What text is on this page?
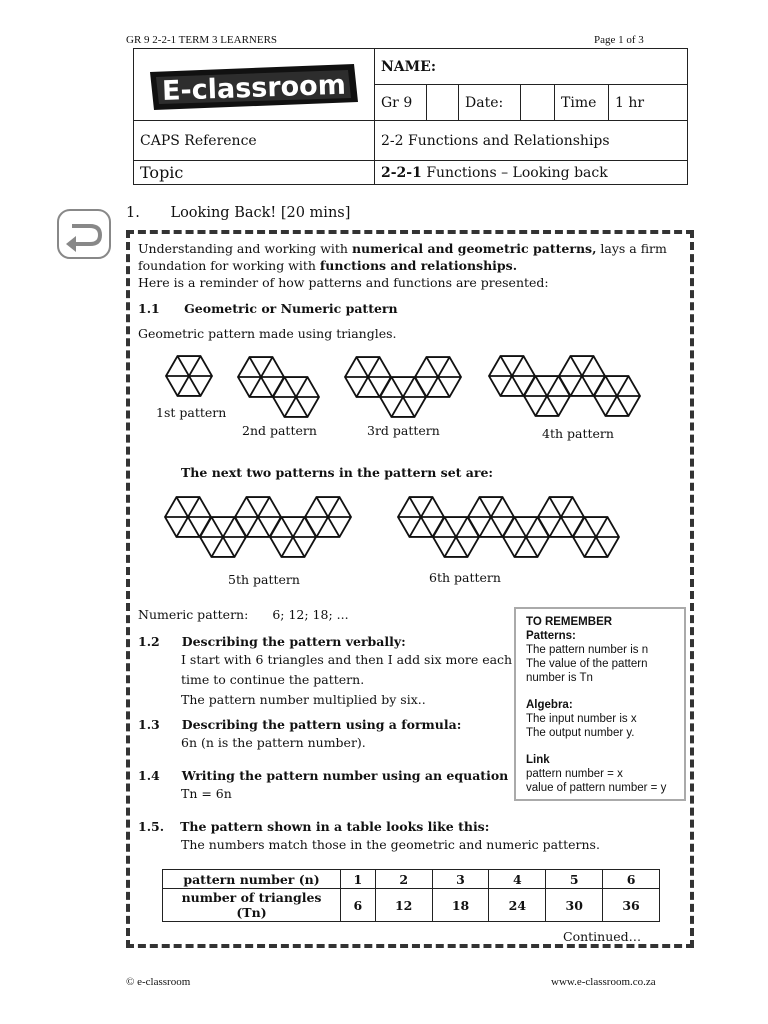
GR 9 2-2-1 TERM 3 LEARNERS	Page 1 of 3
	NAME:					
	Gr 9		Date:		Time	1 hr
CAPS Reference	2-2 Functions and Relationships					
Topic	2-2-1 Functions – Looking back					
E-classroom
1. Looking Back! [20 mins]
Understanding and working with numerical and geometric patterns, lays a firm
foundation for working with functions and relationships.
Here is a reminder of how patterns and functions are presented:
1.1 Geometric or Numeric pattern
Geometric pattern made using triangles.
1st pattern
2nd pattern	3rd pattern	4th pattern
The next two patterns in the pattern set are:
5th pattern	6th pattern
Numeric pattern: 6; 12; 18; ...
1.2 Describing the pattern verbally:
I start with 6 triangles and then I add six more each
time to continue the pattern.
The pattern number multiplied by six..
1.3 Describing the pattern using a formula:
6n (n is the pattern number).
1.4 Writing the pattern number using an equation
Tn = 6n
1.5. The pattern shown in a table looks like this:
The numbers match those in the geometric and numeric patterns.
TO REMEMBER
Patterns:
The pattern number is n
The value of the pattern
number is Tn
Algebra:
The input number is x
The output number y.
Link
pattern number = x
value of pattern number = y
pattern number (n)	1	2	3	4	5	6
number of triangles (Tn)	6	12	18	24	30	36
Continued…
© e-classroom	www.e-classroom.co.za
